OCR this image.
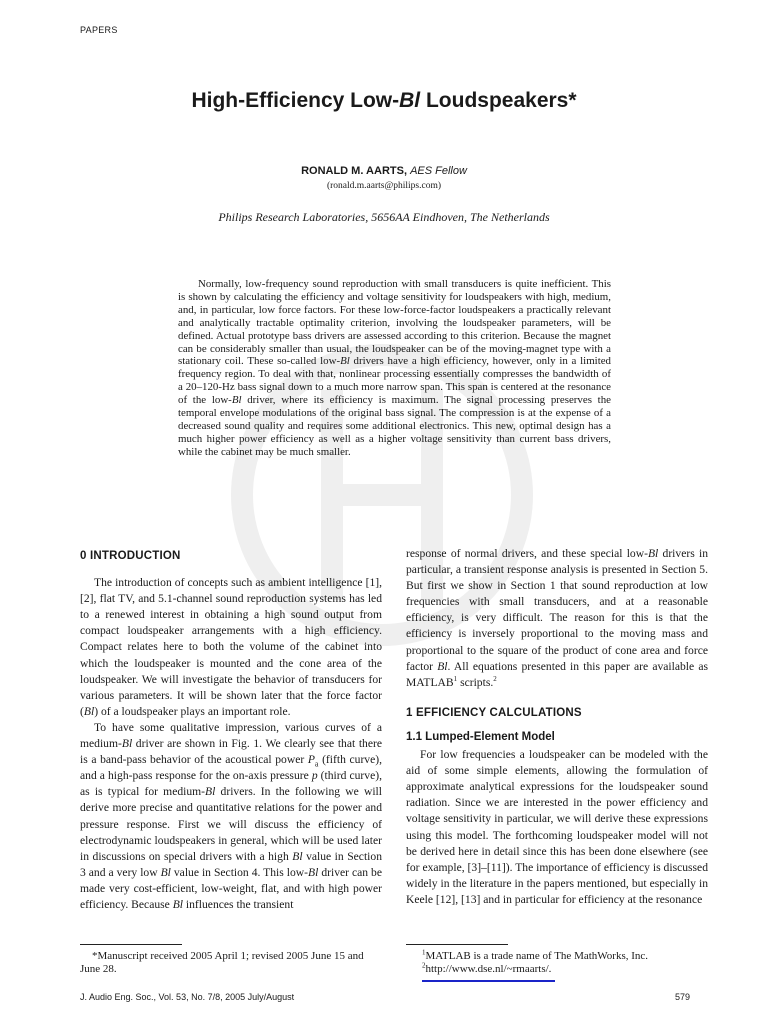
PAPERS
High-Efficiency Low-Bl Loudspeakers*
RONALD M. AARTS, AES Fellow
(ronald.m.aarts@philips.com)
Philips Research Laboratories, 5656AA Eindhoven, The Netherlands
Normally, low-frequency sound reproduction with small transducers is quite inefficient. This is shown by calculating the efficiency and voltage sensitivity for loudspeakers with high, medium, and, in particular, low force factors. For these low-force-factor loudspeakers a practically relevant and analytically tractable optimality criterion, involving the loudspeaker parameters, will be defined. Actual prototype bass drivers are assessed according to this criterion. Because the magnet can be considerably smaller than usual, the loudspeaker can be of the moving-magnet type with a stationary coil. These so-called low-Bl drivers have a high efficiency, however, only in a limited frequency region. To deal with that, nonlinear processing essentially compresses the bandwidth of a 20–120-Hz bass signal down to a much more narrow span. This span is centered at the resonance of the low-Bl driver, where its efficiency is maximum. The signal processing preserves the temporal envelope modulations of the original bass signal. The compression is at the expense of a decreased sound quality and requires some additional electronics. This new, optimal design has a much higher power efficiency as well as a higher voltage sensitivity than current bass drivers, while the cabinet may be much smaller.
0 INTRODUCTION

The introduction of concepts such as ambient intelligence [1], [2], flat TV, and 5.1-channel sound reproduction systems has led to a renewed interest in obtaining a high sound output from compact loudspeaker arrangements with a high efficiency. Compact relates here to both the volume of the cabinet into which the loudspeaker is mounted and the cone area of the loudspeaker. We will investigate the behavior of transducers for various parameters. It will be shown later that the force factor (Bl) of a loudspeaker plays an important role.

To have some qualitative impression, various curves of a medium-Bl driver are shown in Fig. 1. We clearly see that there is a band-pass behavior of the acoustical power $P_a$ (fifth curve), and a high-pass response for the on-axis pressure p (third curve), as is typical for medium-Bl drivers. In the following we will derive more precise and quantitative relations for the power and pressure response. First we will discuss the efficiency of electrodynamic loudspeakers in general, which will be used later in discussions on special drivers with a high Bl value in Section 3 and a very low Bl value in Section 4. This low-Bl driver can be made very cost-efficient, low-weight, flat, and with high power efficiency. Because Bl influences the transient

response of normal drivers, and these special low-Bl drivers in particular, a transient response analysis is presented in Section 5. But first we show in Section 1 that sound reproduction at low frequencies with small transducers, and at a reasonable efficiency, is very difficult. The reason for this is that the efficiency is inversely proportional to the moving mass and proportional to the square of the product of cone area and force factor Bl. All equations presented in this paper are available as MATLAB$^1$ scripts.$^2$

1 EFFICIENCY CALCULATIONS
1.1 Lumped-Element Model

For low frequencies a loudspeaker can be modeled with the aid of some simple elements, allowing the formulation of approximate analytical expressions for the loudspeaker sound radiation. Since we are interested in the power efficiency and voltage sensitivity in particular, we will derive these expressions using this model. The forthcoming loudspeaker model will not be derived here in detail since this has been done elsewhere (see for example, [3]–[11]). The importance of efficiency is discussed widely in the literature in the papers mentioned, but especially in Keele [12], [13] and in particular for efficiency at the resonance

*Manuscript received 2005 April 1; revised 2005 June 15 and June 28.

$^1$MATLAB is a trade name of The MathWorks, Inc.

$^2$http://www.dse.nl/~rmaarts/.

J. Audio Eng. Soc., Vol. 53, No. 7/8, 2005 July/August	579
